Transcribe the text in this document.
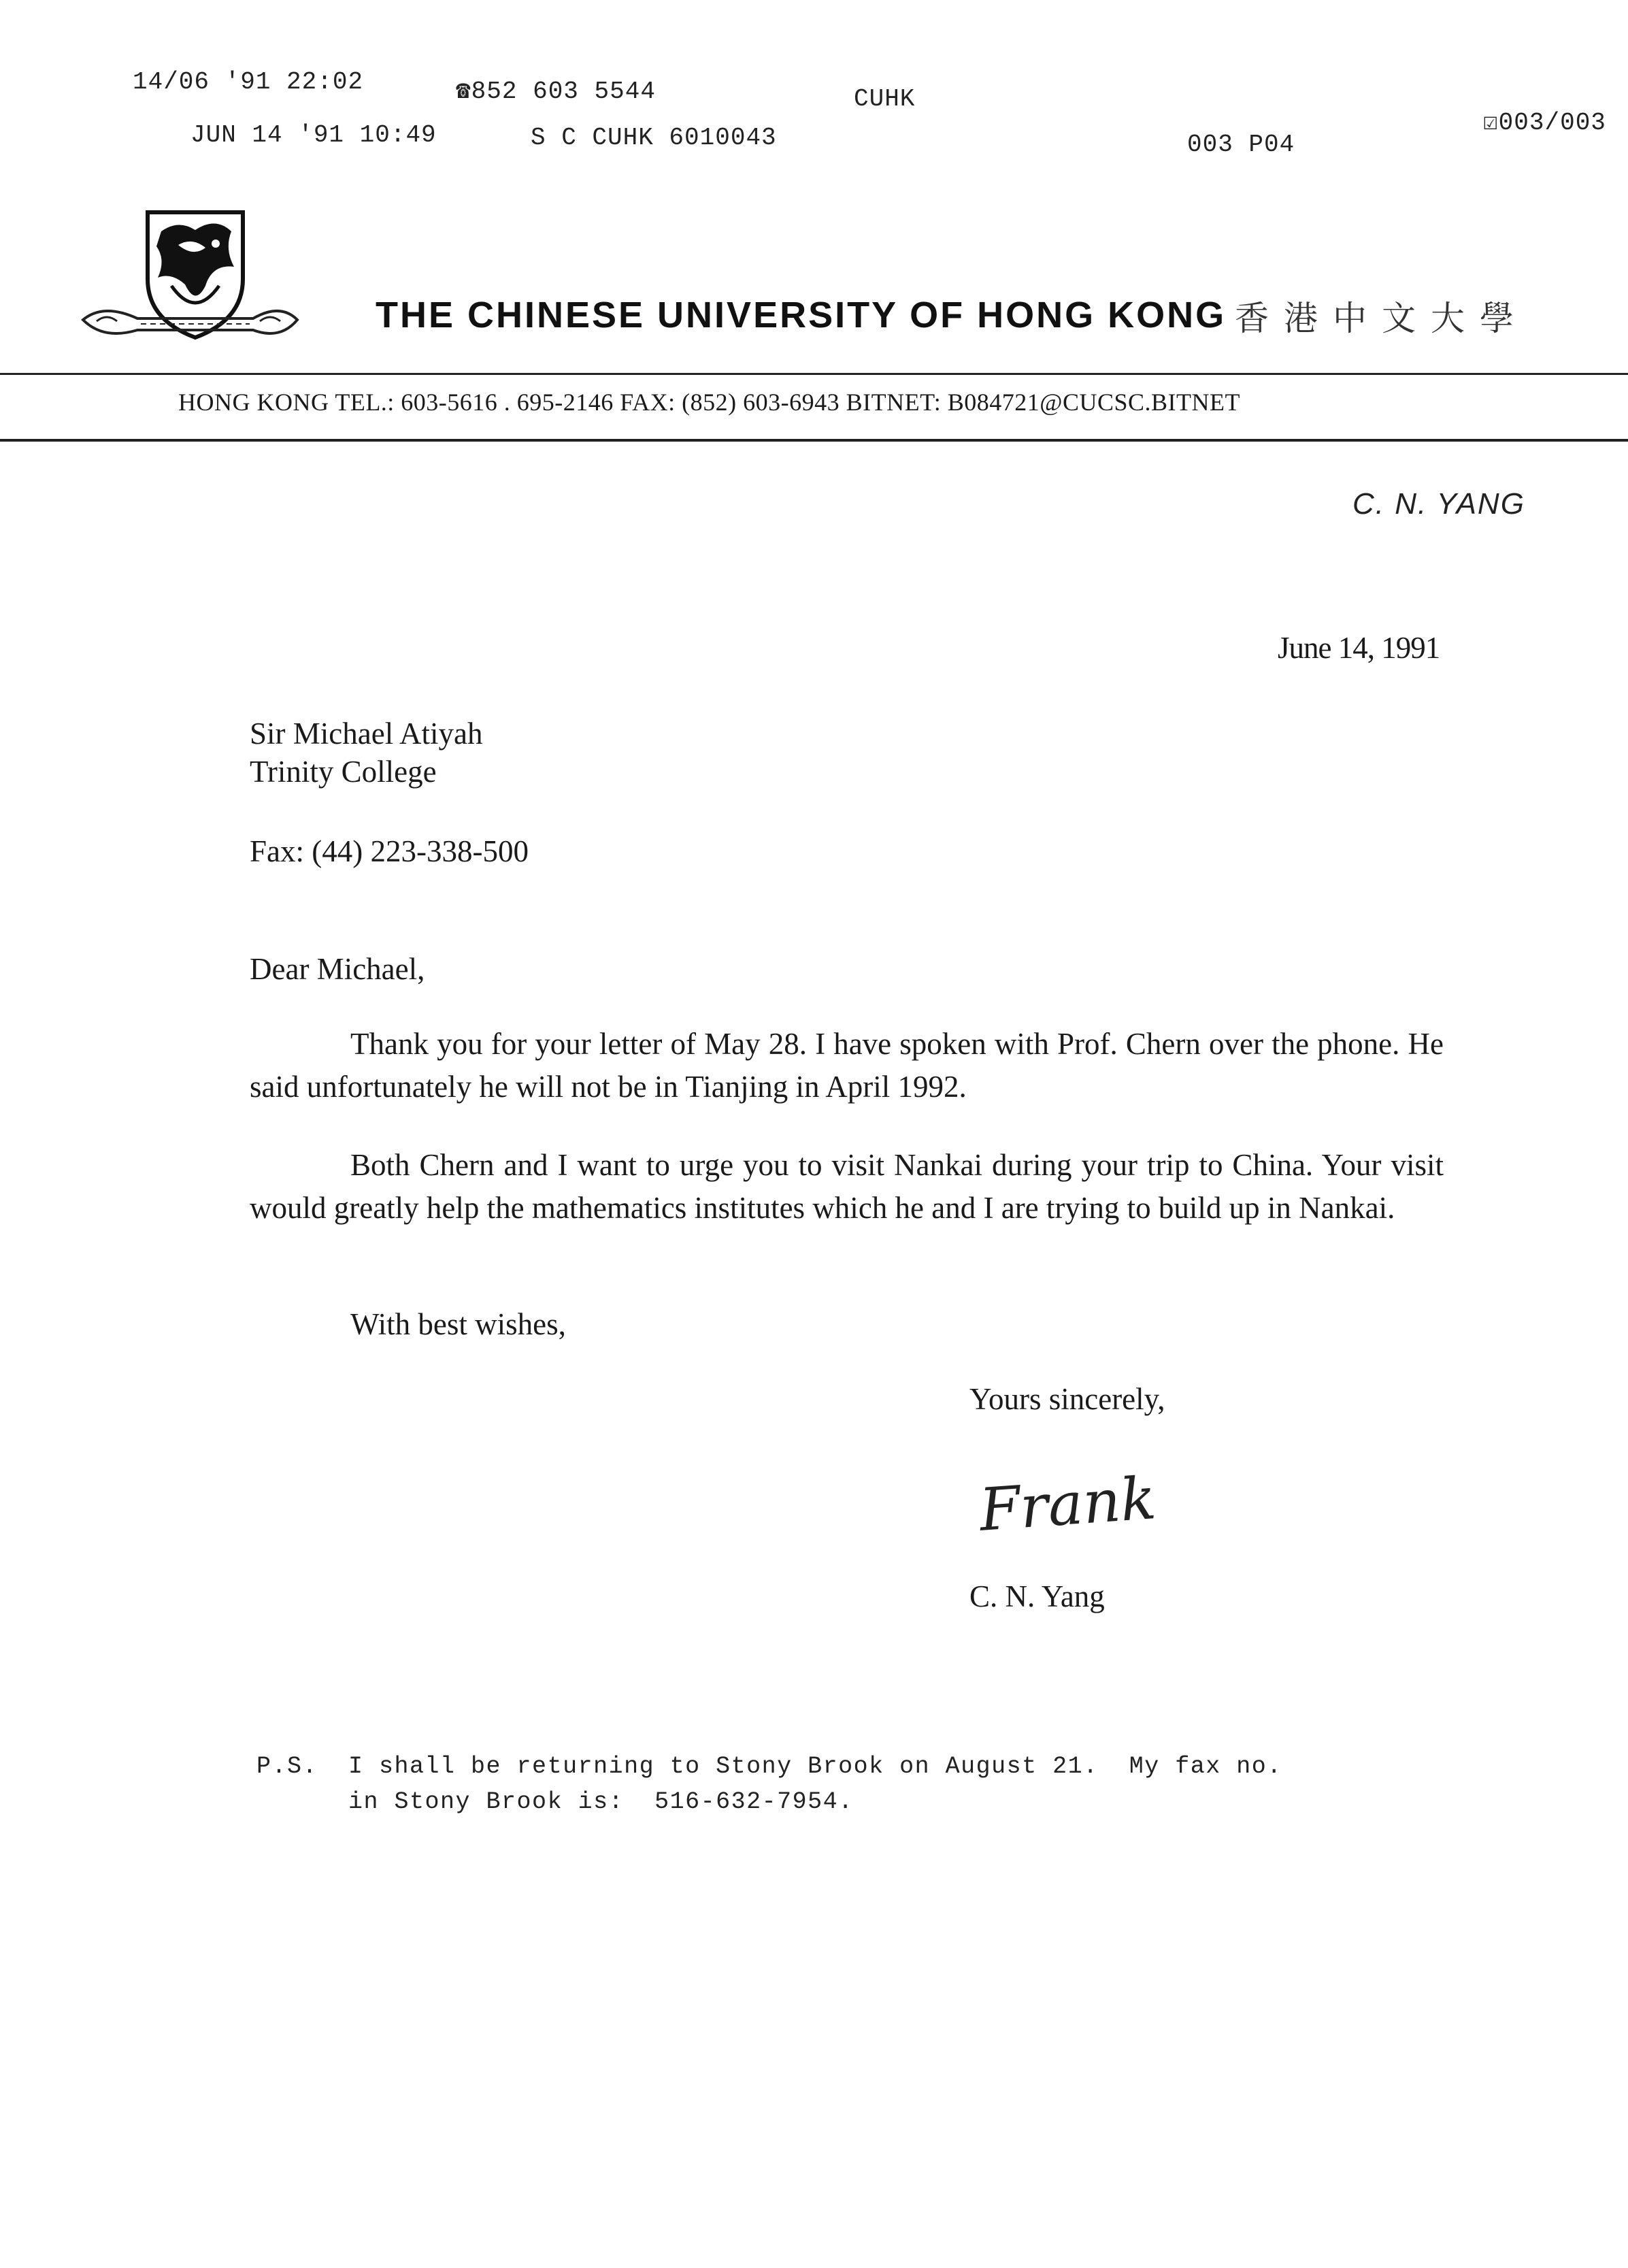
14/06 '91 22:02	☎852 603 5544	CUHK
☑003/003
JUN 14 '91 10:49	S C CUHK 6010043	003 P04
THE CHINESE UNIVERSITY OF HONG KONG 香港中文大學
HONG KONG TEL.: 603-5616 . 695-2146 FAX: (852) 603-6943 BITNET: B084721@CUCSC.BITNET
C. N. YANG
June 14, 1991
Sir Michael Atiyah
Trinity College
Fax: (44) 223-338-500
Dear Michael,
Thank you for your letter of May 28. I have spoken with Prof. Chern over the phone. He said unfortunately he will not be in Tianjing in April 1992.
Both Chern and I want to urge you to visit Nankai during your trip to China. Your visit would greatly help the mathematics institutes which he and I are trying to build up in Nankai.
With best wishes,
Yours sincerely,
Frank
C. N. Yang
P.S.  I shall be returning to Stony Brook on August 21.  My fax no.
in Stony Brook is:  516-632-7954.
